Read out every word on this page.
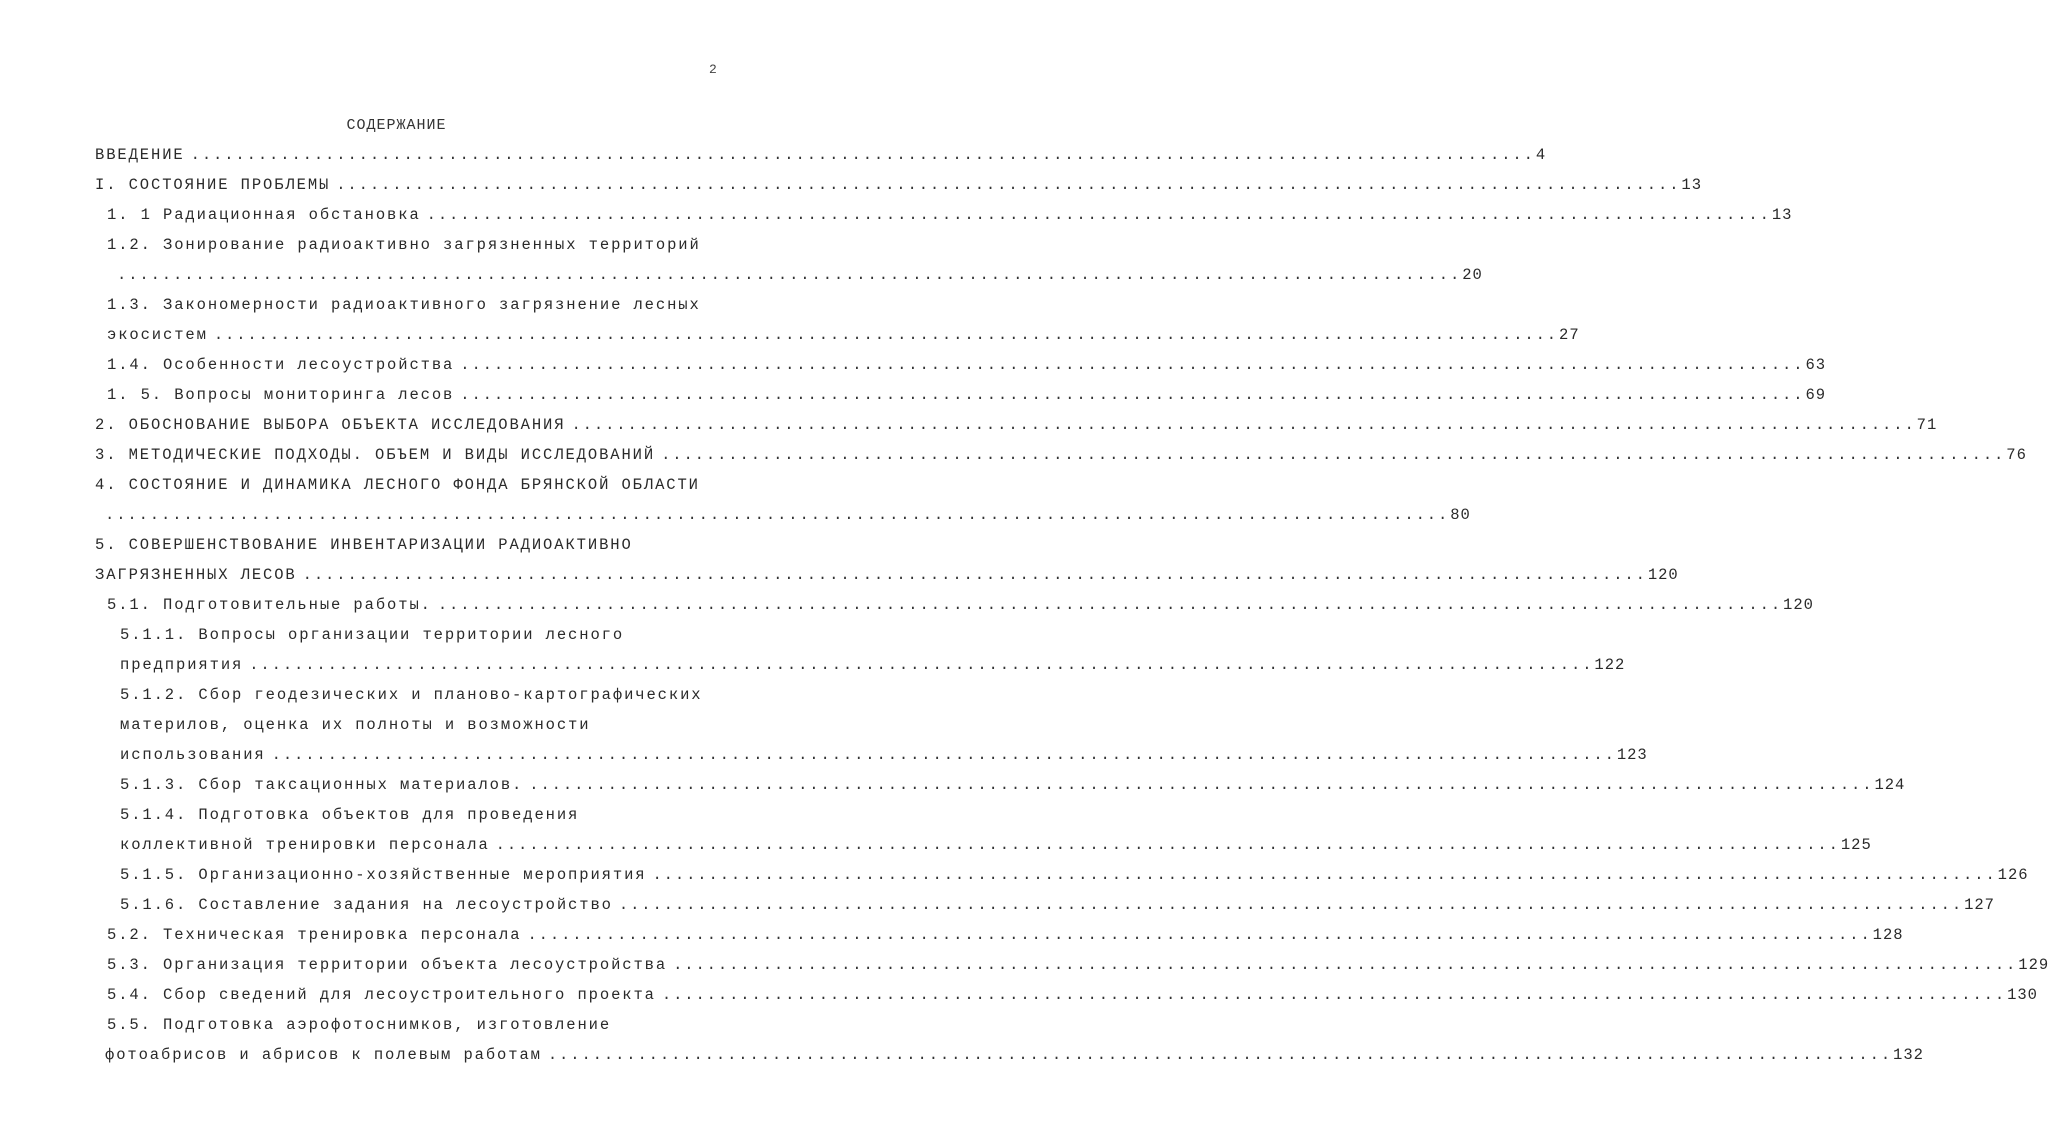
2
СОДЕРЖАНИЕ
ВВЕДЕНИЕ ........................................................................................................................ 4
I. СОСТОЯНИЕ ПРОБЛЕМЫ ........................................................................................................................ 13
1. 1 Радиационная обстановка ........................................................................................................................ 13
1.2. Зонирование радиоактивно загрязненных территорий
........................................................................................................................ 20
1.3. Закономерности радиоактивного загрязнение лесных
экосистем ........................................................................................................................ 27
1.4. Особенности лесоустройства ........................................................................................................................ 63
1. 5. Вопросы мониторинга лесов ........................................................................................................................ 69
2. ОБОСНОВАНИЕ ВЫБОРА ОБЪЕКТА ИССЛЕДОВАНИЯ ........................................................................................................................ 71
3. МЕТОДИЧЕСКИЕ ПОДХОДЫ. ОБЪЕМ И ВИДЫ ИССЛЕДОВАНИЙ ........................................................................................................................ 76
4. СОСТОЯНИЕ И ДИНАМИКА ЛЕСНОГО ФОНДА БРЯНСКОЙ ОБЛАСТИ
........................................................................................................................ 80
5. СОВЕРШЕНСТВОВАНИЕ ИНВЕНТАРИЗАЦИИ РАДИОАКТИВНО
ЗАГРЯЗНЕННЫХ ЛЕСОВ ........................................................................................................................ 120
5.1. Подготовительные работы. ........................................................................................................................ 120
5.1.1. Вопросы организации территории лесного
предприятия ........................................................................................................................ 122
5.1.2. Сбор геодезических и планово-картографических
материлов, оценка их полноты и возможности
использования ........................................................................................................................ 123
5.1.3. Сбор таксационных материалов. ........................................................................................................................ 124
5.1.4. Подготовка объектов для проведения
коллективной тренировки персонала ........................................................................................................................ 125
5.1.5. Организационно-хозяйственные мероприятия ........................................................................................................................ 126
5.1.6. Составление задания на лесоустройство ........................................................................................................................ 127
5.2. Техническая тренировка персонала ........................................................................................................................ 128
5.3. Организация территории объекта лесоустройства ........................................................................................................................ 129
5.4. Сбор сведений для лесоустроительного проекта ........................................................................................................................ 130
5.5. Подготовка аэрофотоснимков, изготовление
фотоабрисов и абрисов к полевым работам ........................................................................................................................ 132
